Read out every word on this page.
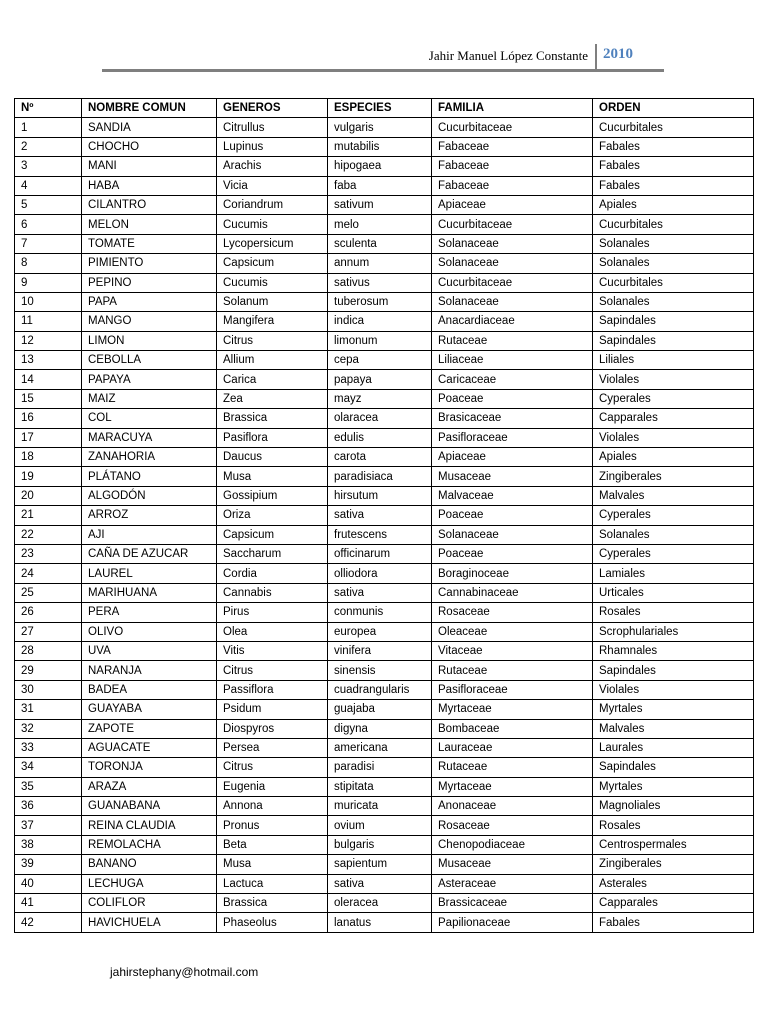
Jahir Manuel López Constante 2010
Nº	NOMBRE COMUN	GENEROS	ESPECIES	FAMILIA	ORDEN
1	SANDIA	Citrullus	vulgaris	Cucurbitaceae	Cucurbitales
2	CHOCHO	Lupinus	mutabilis	Fabaceae	Fabales
3	MANI	Arachis	hipogaea	Fabaceae	Fabales
4	HABA	Vicia	faba	Fabaceae	Fabales
5	CILANTRO	Coriandrum	sativum	Apiaceae	Apiales
6	MELON	Cucumis	melo	Cucurbitaceae	Cucurbitales
7	TOMATE	Lycopersicum	sculenta	Solanaceae	Solanales
8	PIMIENTO	Capsicum	annum	Solanaceae	Solanales
9	PEPINO	Cucumis	sativus	Cucurbitaceae	Cucurbitales
10	PAPA	Solanum	tuberosum	Solanaceae	Solanales
11	MANGO	Mangifera	indica	Anacardiaceae	Sapindales
12	LIMON	Citrus	limonum	Rutaceae	Sapindales
13	CEBOLLA	Allium	cepa	Liliaceae	Liliales
14	PAPAYA	Carica	papaya	Caricaceae	Violales
15	MAIZ	Zea	mayz	Poaceae	Cyperales
16	COL	Brassica	olaracea	Brasicaceae	Capparales
17	MARACUYA	Pasiflora	edulis	Pasifloraceae	Violales
18	ZANAHORIA	Daucus	carota	Apiaceae	Apiales
19	PLÁTANO	Musa	paradisiaca	Musaceae	Zingiberales
20	ALGODÓN	Gossipium	hirsutum	Malvaceae	Malvales
21	ARROZ	Oriza	sativa	Poaceae	Cyperales
22	AJI	Capsicum	frutescens	Solanaceae	Solanales
23	CAÑA DE AZUCAR	Saccharum	officinarum	Poaceae	Cyperales
24	LAUREL	Cordia	olliodora	Boraginoceae	Lamiales
25	MARIHUANA	Cannabis	sativa	Cannabinaceae	Urticales
26	PERA	Pirus	conmunis	Rosaceae	Rosales
27	OLIVO	Olea	europea	Oleaceae	Scrophulariales
28	UVA	Vitis	vinifera	Vitaceae	Rhamnales
29	NARANJA	Citrus	sinensis	Rutaceae	Sapindales
30	BADEA	Passiflora	cuadrangularis	Pasifloraceae	Violales
31	GUAYABA	Psidum	guajaba	Myrtaceae	Myrtales
32	ZAPOTE	Diospyros	digyna	Bombaceae	Malvales
33	AGUACATE	Persea	americana	Lauraceae	Laurales
34	TORONJA	Citrus	paradisi	Rutaceae	Sapindales
35	ARAZA	Eugenia	stipitata	Myrtaceae	Myrtales
36	GUANABANA	Annona	muricata	Anonaceae	Magnoliales
37	REINA CLAUDIA	Pronus	ovium	Rosaceae	Rosales
38	REMOLACHA	Beta	bulgaris	Chenopodiaceae	Centrospermales
39	BANANO	Musa	sapientum	Musaceae	Zingiberales
40	LECHUGA	Lactuca	sativa	Asteraceae	Asterales
41	COLIFLOR	Brassica	oleracea	Brassicaceae	Capparales
42	HAVICHUELA	Phaseolus	lanatus	Papilionaceae	Fabales
jahirstephany@hotmail.com
